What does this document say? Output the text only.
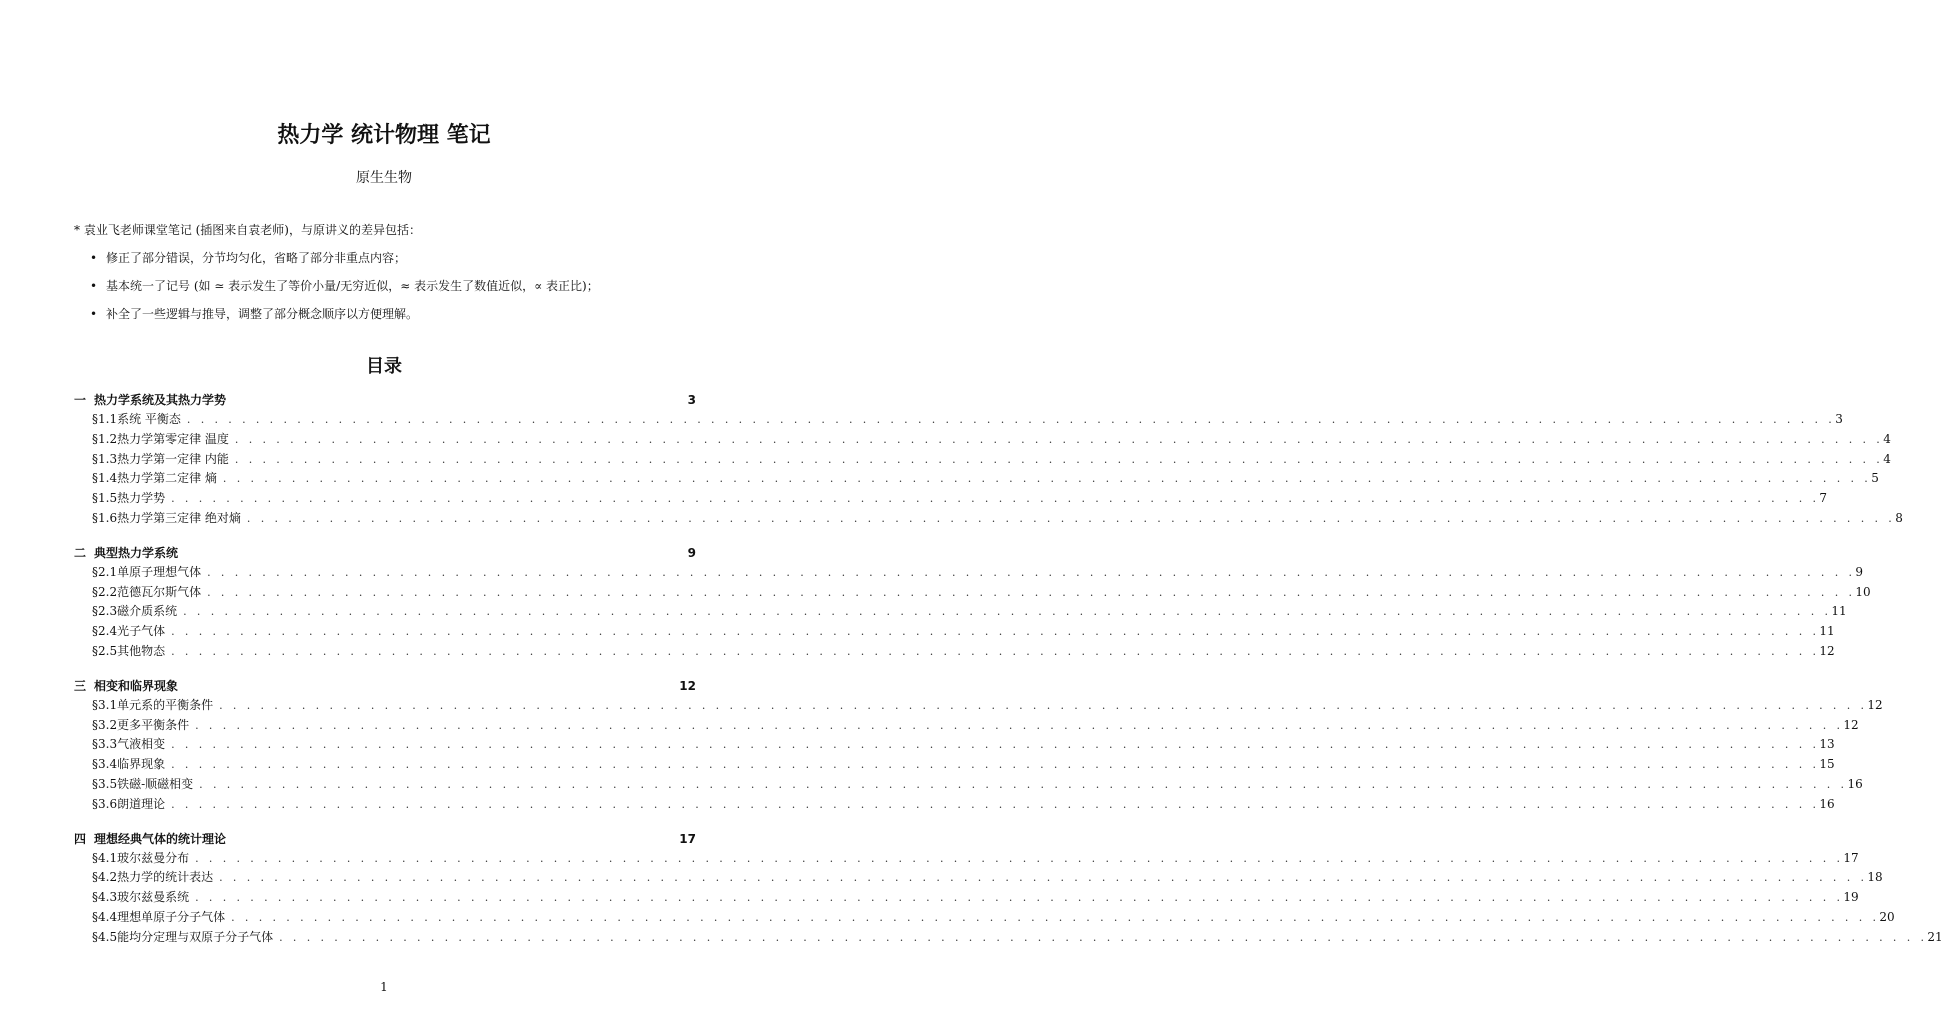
热力学 统计物理 笔记
原生生物
* 袁业飞老师课堂笔记 (插图来自袁老师)，与原讲义的差异包括：
• 修正了部分错误，分节均匀化，省略了部分非重点内容；
• 基本统一了记号 (如 ≃ 表示发生了等价小量/无穷近似，≈ 表示发生了数值近似，∝ 表正比)；
• 补全了一些逻辑与推导，调整了部分概念顺序以方便理解。
目录
一 热力学系统及其热力学势	3
§1.1 系统 平衡态 . . . . . . . . . . . . . . . . . . . . . . . . . . . . . . . . . . . . . . . . . . . . . . . . . . . . . . . . . . . . . . . . . . . . . . . . . . . . . . . . . . . . . . . . . . . . . . . . . . . . . . . . . . . . . . . . . . . . . . . . 3
§1.2 热力学第零定律 温度 . . . . . . . . . . . . . . . . . . . . . . . . . . . . . . . . . . . . . . . . . . . . . . . . . . . . . . . . . . . . . . . . . . . . . . . . . . . . . . . . . . . . . . . . . . . . . . . . . . . . . . . . . . . . . . . . . . . . . . . . 4
§1.3 热力学第一定律 内能 . . . . . . . . . . . . . . . . . . . . . . . . . . . . . . . . . . . . . . . . . . . . . . . . . . . . . . . . . . . . . . . . . . . . . . . . . . . . . . . . . . . . . . . . . . . . . . . . . . . . . . . . . . . . . . . . . . . . . . . . 4
§1.4 热力学第二定律 熵 . . . . . . . . . . . . . . . . . . . . . . . . . . . . . . . . . . . . . . . . . . . . . . . . . . . . . . . . . . . . . . . . . . . . . . . . . . . . . . . . . . . . . . . . . . . . . . . . . . . . . . . . . . . . . . . . . . . . . . . . 5
§1.5 热力学势 . . . . . . . . . . . . . . . . . . . . . . . . . . . . . . . . . . . . . . . . . . . . . . . . . . . . . . . . . . . . . . . . . . . . . . . . . . . . . . . . . . . . . . . . . . . . . . . . . . . . . . . . . . . . . . . . . . . . . . . . 7
§1.6 热力学第三定律 绝对熵 . . . . . . . . . . . . . . . . . . . . . . . . . . . . . . . . . . . . . . . . . . . . . . . . . . . . . . . . . . . . . . . . . . . . . . . . . . . . . . . . . . . . . . . . . . . . . . . . . . . . . . . . . . . . . . . . . . . . . . . . 8
二 典型热力学系统	9
§2.1 单原子理想气体 . . . . . . . . . . . . . . . . . . . . . . . . . . . . . . . . . . . . . . . . . . . . . . . . . . . . . . . . . . . . . . . . . . . . . . . . . . . . . . . . . . . . . . . . . . . . . . . . . . . . . . . . . . . . . . . . . . . . . . . . 9
§2.2 范德瓦尔斯气体 . . . . . . . . . . . . . . . . . . . . . . . . . . . . . . . . . . . . . . . . . . . . . . . . . . . . . . . . . . . . . . . . . . . . . . . . . . . . . . . . . . . . . . . . . . . . . . . . . . . . . . . . . . . . . . . . . . . . . . . . 10
§2.3 磁介质系统 . . . . . . . . . . . . . . . . . . . . . . . . . . . . . . . . . . . . . . . . . . . . . . . . . . . . . . . . . . . . . . . . . . . . . . . . . . . . . . . . . . . . . . . . . . . . . . . . . . . . . . . . . . . . . . . . . . . . . . . . 11
§2.4 光子气体 . . . . . . . . . . . . . . . . . . . . . . . . . . . . . . . . . . . . . . . . . . . . . . . . . . . . . . . . . . . . . . . . . . . . . . . . . . . . . . . . . . . . . . . . . . . . . . . . . . . . . . . . . . . . . . . . . . . . . . . . 11
§2.5 其他物态 . . . . . . . . . . . . . . . . . . . . . . . . . . . . . . . . . . . . . . . . . . . . . . . . . . . . . . . . . . . . . . . . . . . . . . . . . . . . . . . . . . . . . . . . . . . . . . . . . . . . . . . . . . . . . . . . . . . . . . . . 12
三 相变和临界现象	12
§3.1 单元系的平衡条件 . . . . . . . . . . . . . . . . . . . . . . . . . . . . . . . . . . . . . . . . . . . . . . . . . . . . . . . . . . . . . . . . . . . . . . . . . . . . . . . . . . . . . . . . . . . . . . . . . . . . . . . . . . . . . . . . . . . . . . . . 12
§3.2 更多平衡条件 . . . . . . . . . . . . . . . . . . . . . . . . . . . . . . . . . . . . . . . . . . . . . . . . . . . . . . . . . . . . . . . . . . . . . . . . . . . . . . . . . . . . . . . . . . . . . . . . . . . . . . . . . . . . . . . . . . . . . . . . 12
§3.3 气液相变 . . . . . . . . . . . . . . . . . . . . . . . . . . . . . . . . . . . . . . . . . . . . . . . . . . . . . . . . . . . . . . . . . . . . . . . . . . . . . . . . . . . . . . . . . . . . . . . . . . . . . . . . . . . . . . . . . . . . . . . . 13
§3.4 临界现象 . . . . . . . . . . . . . . . . . . . . . . . . . . . . . . . . . . . . . . . . . . . . . . . . . . . . . . . . . . . . . . . . . . . . . . . . . . . . . . . . . . . . . . . . . . . . . . . . . . . . . . . . . . . . . . . . . . . . . . . . 15
§3.5 铁磁-顺磁相变 . . . . . . . . . . . . . . . . . . . . . . . . . . . . . . . . . . . . . . . . . . . . . . . . . . . . . . . . . . . . . . . . . . . . . . . . . . . . . . . . . . . . . . . . . . . . . . . . . . . . . . . . . . . . . . . . . . . . . . . . 16
§3.6 朗道理论 . . . . . . . . . . . . . . . . . . . . . . . . . . . . . . . . . . . . . . . . . . . . . . . . . . . . . . . . . . . . . . . . . . . . . . . . . . . . . . . . . . . . . . . . . . . . . . . . . . . . . . . . . . . . . . . . . . . . . . . . 16
四 理想经典气体的统计理论	17
§4.1 玻尔兹曼分布 . . . . . . . . . . . . . . . . . . . . . . . . . . . . . . . . . . . . . . . . . . . . . . . . . . . . . . . . . . . . . . . . . . . . . . . . . . . . . . . . . . . . . . . . . . . . . . . . . . . . . . . . . . . . . . . . . . . . . . . . 17
§4.2 热力学的统计表达 . . . . . . . . . . . . . . . . . . . . . . . . . . . . . . . . . . . . . . . . . . . . . . . . . . . . . . . . . . . . . . . . . . . . . . . . . . . . . . . . . . . . . . . . . . . . . . . . . . . . . . . . . . . . . . . . . . . . . . . . 18
§4.3 玻尔兹曼系统 . . . . . . . . . . . . . . . . . . . . . . . . . . . . . . . . . . . . . . . . . . . . . . . . . . . . . . . . . . . . . . . . . . . . . . . . . . . . . . . . . . . . . . . . . . . . . . . . . . . . . . . . . . . . . . . . . . . . . . . . 19
§4.4 理想单原子分子气体 . . . . . . . . . . . . . . . . . . . . . . . . . . . . . . . . . . . . . . . . . . . . . . . . . . . . . . . . . . . . . . . . . . . . . . . . . . . . . . . . . . . . . . . . . . . . . . . . . . . . . . . . . . . . . . . . . . . . . . . . 20
§4.5 能均分定理与双原子分子气体 . . . . . . . . . . . . . . . . . . . . . . . . . . . . . . . . . . . . . . . . . . . . . . . . . . . . . . . . . . . . . . . . . . . . . . . . . . . . . . . . . . . . . . . . . . . . . . . . . . . . . . . . . . . . . . . . . . . . . . . . 21
1
